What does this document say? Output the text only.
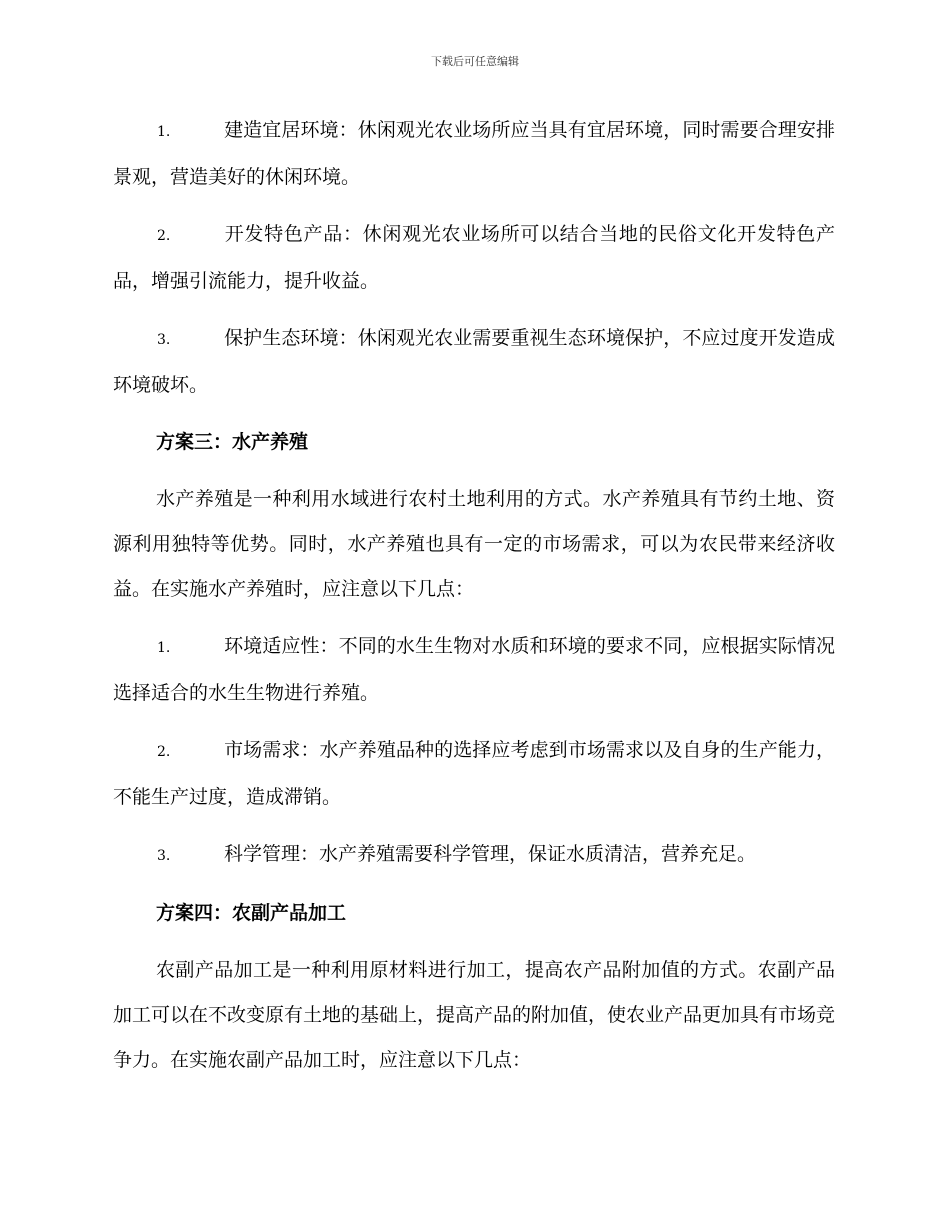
下载后可任意编辑
1.	建造宜居环境：休闲观光农业场所应当具有宜居环境，同时需要合理安排景观，营造美好的休闲环境。
2.	开发特色产品：休闲观光农业场所可以结合当地的民俗文化开发特色产品，增强引流能力，提升收益。
3.	保护生态环境：休闲观光农业需要重视生态环境保护，不应过度开发造成环境破坏。
方案三：水产养殖

水产养殖是一种利用水域进行农村土地利用的方式。水产养殖具有节约土地、资源利用独特等优势。同时，水产养殖也具有一定的市场需求，可以为农民带来经济收益。在实施水产养殖时，应注意以下几点：

1.	环境适应性：不同的水生生物对水质和环境的要求不同，应根据实际情况选择适合的水生生物进行养殖。
2.	市场需求：水产养殖品种的选择应考虑到市场需求以及自身的生产能力，不能生产过度，造成滞销。
3.	科学管理：水产养殖需要科学管理，保证水质清洁，营养充足。
方案四：农副产品加工

农副产品加工是一种利用原材料进行加工，提高农产品附加值的方式。农副产品加工可以在不改变原有土地的基础上，提高产品的附加值，使农业产品更加具有市场竞争力。在实施农副产品加工时，应注意以下几点：
